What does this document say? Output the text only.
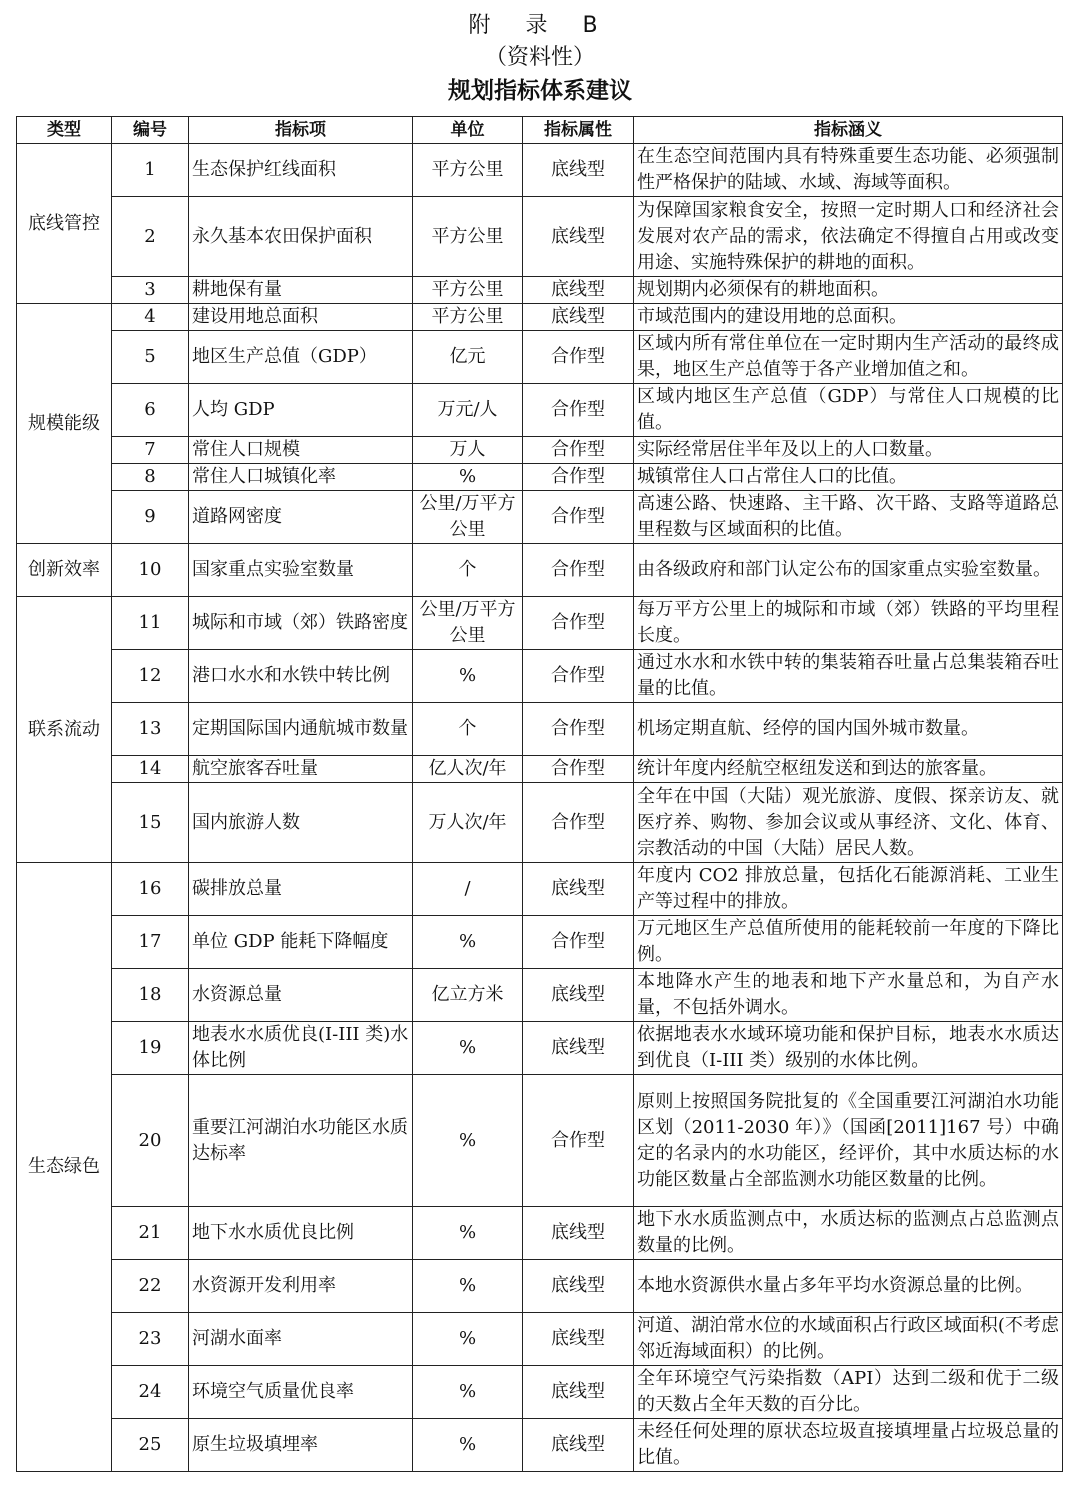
附 录 B
（资料性）
规划指标体系建议
类型	编号	指标项	单位	指标属性	指标涵义
底线管控	1	生态保护红线面积	平方公里	底线型	在生态空间范围内具有特殊重要生态功能、必须强制性严格保护的陆域、水域、海域等面积。
	2	永久基本农田保护面积	平方公里	底线型	为保障国家粮食安全，按照一定时期人口和经济社会发展对农产品的需求，依法确定不得擅自占用或改变用途、实施特殊保护的耕地的面积。
	3	耕地保有量	平方公里	底线型	规划期内必须保有的耕地面积。
规模能级	4	建设用地总面积	平方公里	底线型	市域范围内的建设用地的总面积。
	5	地区生产总值（GDP）	亿元	合作型	区域内所有常住单位在一定时期内生产活动的最终成果，地区生产总值等于各产业增加值之和。
	6	人均 GDP	万元/人	合作型	区域内地区生产总值（GDP）与常住人口规模的比值。
	7	常住人口规模	万人	合作型	实际经常居住半年及以上的人口数量。
	8	常住人口城镇化率	%	合作型	城镇常住人口占常住人口的比值。
	9	道路网密度	公里/万平方公里	合作型	高速公路、快速路、主干路、次干路、支路等道路总里程数与区域面积的比值。
创新效率	10	国家重点实验室数量	个	合作型	由各级政府和部门认定公布的国家重点实验室数量。
联系流动	11	城际和市域（郊）铁路密度	公里/万平方公里	合作型	每万平方公里上的城际和市域（郊）铁路的平均里程长度。
	12	港口水水和水铁中转比例	%	合作型	通过水水和水铁中转的集装箱吞吐量占总集装箱吞吐量的比值。
	13	定期国际国内通航城市数量	个	合作型	机场定期直航、经停的国内国外城市数量。
	14	航空旅客吞吐量	亿人次/年	合作型	统计年度内经航空枢纽发送和到达的旅客量。
	15	国内旅游人数	万人次/年	合作型	全年在中国（大陆）观光旅游、度假、探亲访友、就医疗养、购物、参加会议或从事经济、文化、体育、宗教活动的中国（大陆）居民人数。
生态绿色	16	碳排放总量	/	底线型	年度内 CO2 排放总量，包括化石能源消耗、工业生产等过程中的排放。
	17	单位 GDP 能耗下降幅度	%	合作型	万元地区生产总值所使用的能耗较前一年度的下降比例。
	18	水资源总量	亿立方米	底线型	本地降水产生的地表和地下产水量总和，为自产水量，不包括外调水。
	19	地表水水质优良(I-III 类)水体比例	%	底线型	依据地表水水域环境功能和保护目标，地表水水质达到优良（I-III 类）级别的水体比例。
	20	重要江河湖泊水功能区水质达标率	%	合作型	原则上按照国务院批复的《全国重要江河湖泊水功能区划（2011-2030 年）》（国函[2011]167 号）中确定的名录内的水功能区，经评价，其中水质达标的水功能区数量占全部监测水功能区数量的比例。
	21	地下水水质优良比例	%	底线型	地下水水质监测点中，水质达标的监测点占总监测点数量的比例。
	22	水资源开发利用率	%	底线型	本地水资源供水量占多年平均水资源总量的比例。
	23	河湖水面率	%	底线型	河道、湖泊常水位的水域面积占行政区域面积(不考虑邻近海域面积）的比例。
	24	环境空气质量优良率	%	底线型	全年环境空气污染指数（API）达到二级和优于二级的天数占全年天数的百分比。
	25	原生垃圾填埋率	%	底线型	未经任何处理的原状态垃圾直接填埋量占垃圾总量的比值。
